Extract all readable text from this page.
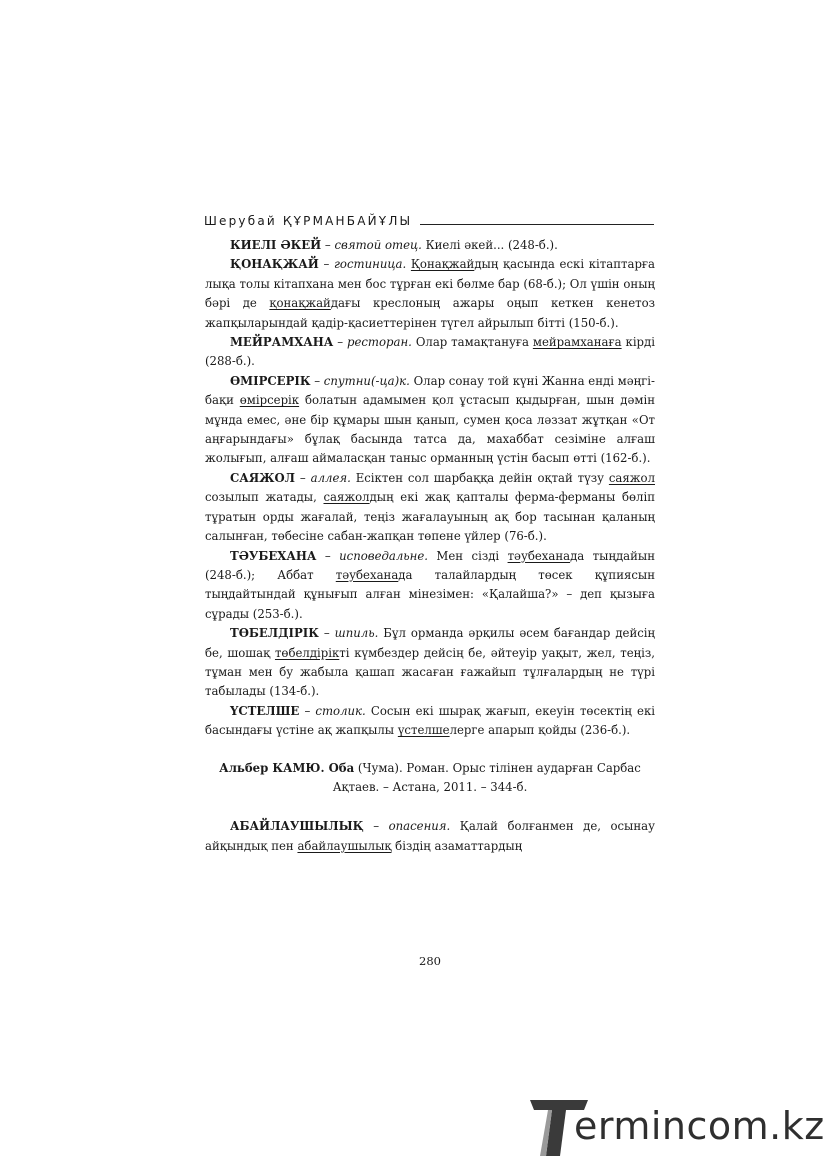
Шерубай ҚҰРМАНБАЙҰЛЫ

КИЕЛІ ӘКЕЙ – святой отец. Киелі әкей... (248-б.).

ҚОНАҚЖАЙ – гостиница. Қонақжайдың қасында ескі кітаптарға лықа толы кітапхана мен бос тұрған екі бөлме бар (68-б.); Ол үшін оның бәрі де қонақжайдағы креслоның ажары оңып кеткен кенетоз жапқыларындай қадір-қасиеттерінен түгел айрылып бітті (150-б.).

МЕЙРАМХАНА – ресторан. Олар тамақтануға мейрамханаға кірді (288-б.).

ӨМІРСЕРІК – спутни(-ца)к. Олар сонау той күні Жанна енді мәңгі-бақи өмірсерік болатын адамымен қол ұстасып қыдырған, шын дәмін мұнда емес, әне бір құмары шын қанып, сумен қоса ләззат жұтқан «От аңғарындағы» бұлақ басында татса да, махаббат сезіміне алғаш жолығып, алғаш аймаласқан таныс орманның үстін басып өтті (162-б.).

САЯЖОЛ – аллея. Есіктен сол шарбаққа дейін оқтай түзу саяжол созылып жатады, саяжолдың екі жақ қапталы ферма-ферманы бөліп тұратын орды жағалай, теңіз жағалауының ақ бор тасынан қаланың салынған, төбесіне сабан-жапқан төпене үйлер (76-б.).

ТӘУБЕХАНА – исповедальне. Мен сізді тәубеханада тыңдайын (248-б.); Аббат тәубеханада талайлардың төсек құпиясын тыңдайтындай құнығып алған мінезімен: «Қалайша?» – деп қызыға сұрады (253-б.).

ТӨБЕЛДІРІК – шпиль. Бұл орманда әрқилы әсем бағандар дейсің бе, шошақ төбелдірікті күмбездер дейсің бе, әйтеуір уақыт, жел, теңіз, тұман мен бу жабыла қашап жасаған ғажайып тұлғалардың не түрі табылады (134-б.).

ҮСТЕЛШЕ – столик. Сосын екі шырақ жағып, екеуін төсектің екі басындағы үстіне ақ жапқылы үстелшелерге апарып қойды (236-б.).

Альбер КАМЮ. Оба (Чума). Роман. Орыс тілінен аударған Сарбас Ақтаев. – Астана, 2011. – 344-б.

АБАЙЛАУШЫЛЫҚ – опасения. Қалай болғанмен де, осынау айқындық пен абайлаушылық біздің азаматтардың

280
ermincom.kz
